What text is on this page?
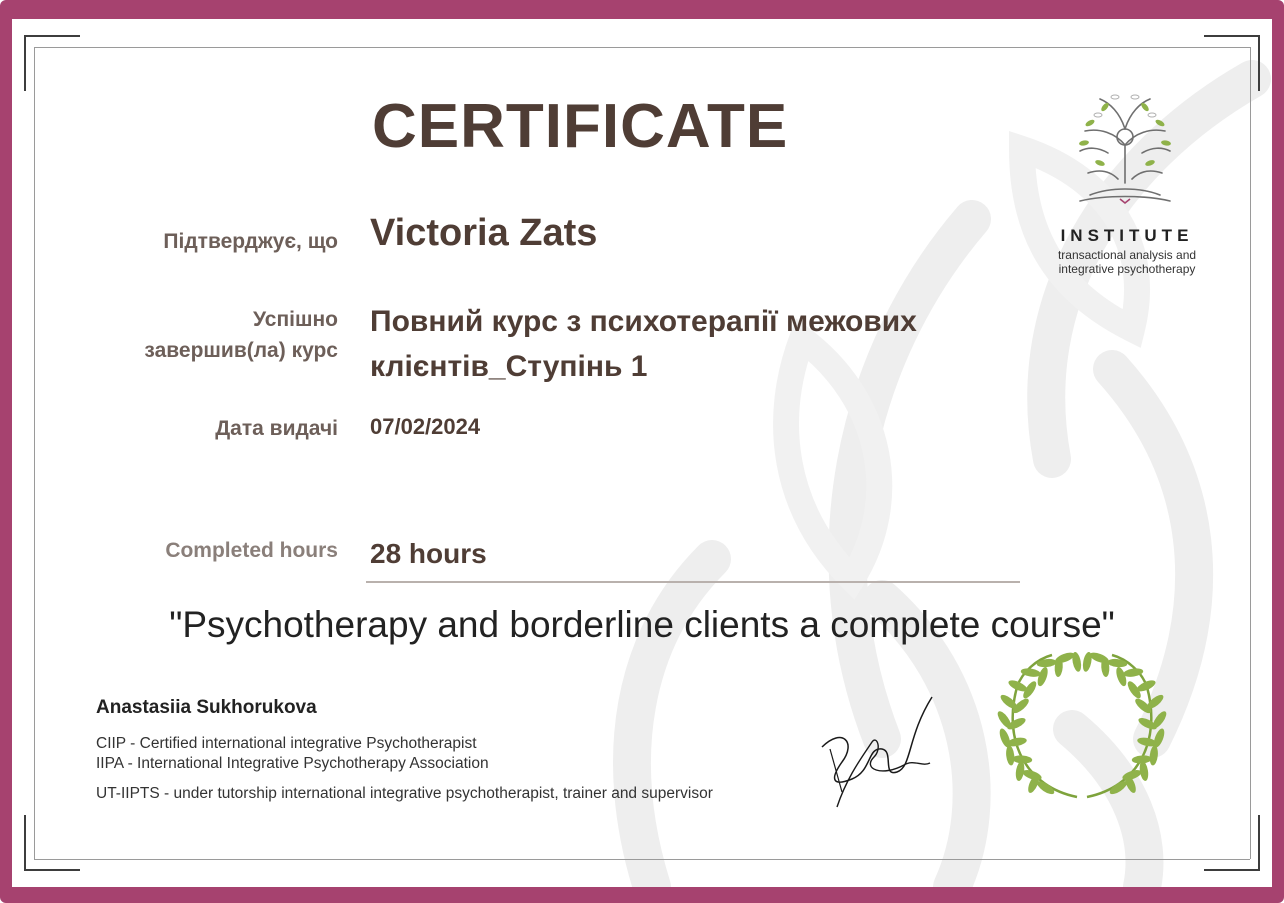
CERTIFICATE
Підтверджує, що Victoria Zats
Успішно
завершив(ла) курс
Повний курс з психотерапії межових
клієнтів_Ступінь 1
Дата видачі 07/02/2024
Completed hours 28 hours
"Psychotherapy and borderline clients a complete course"
Anastasiia Sukhorukova
CIIP - Certified international integrative Psychotherapist
IIPA - International Integrative Psychotherapy Association
UT-IIPTS - under tutorship international integrative psychotherapist, trainer and supervisor
INSTITUTE
transactional analysis and
integrative psychotherapy
